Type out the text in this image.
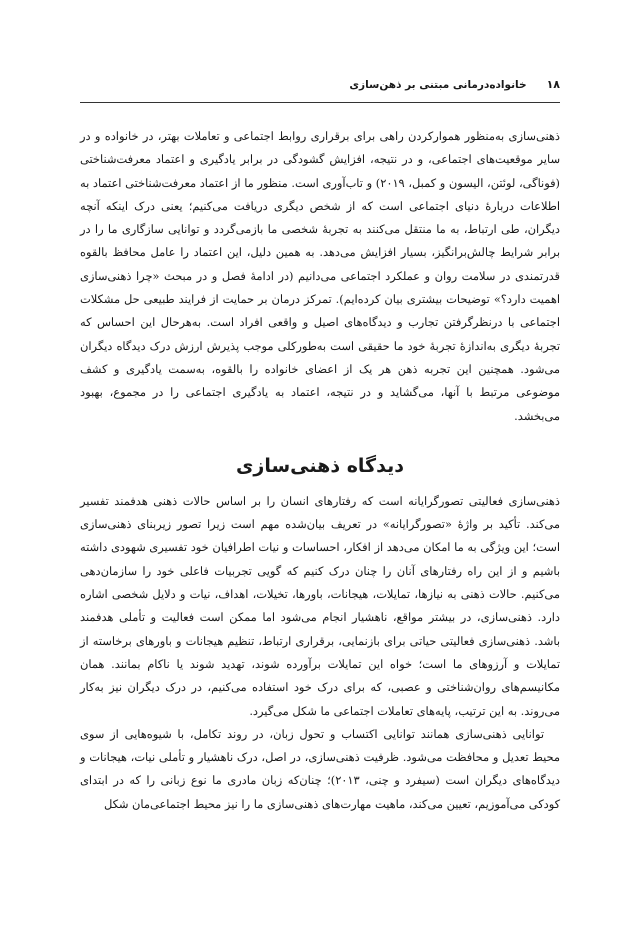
۱۸
خانواده‌درمانی مبتنی بر ذهن‌سازی

ذهنی‌سازی به‌منظور هموارکردن راهی برای برقراری روابط اجتماعی و تعاملات بهتر، در خانواده و در سایر موقعیت‌های اجتماعی، و در نتیجه، افزایش گشودگی در برابر یادگیری و اعتماد معرفت‌شناختی (فوناگی، لوئتن، الیسون و کمبل، ۲۰۱۹) و تاب‌آوری است. منظور ما از اعتماد معرفت‌شناختی اعتماد به اطلاعات دربارهٔ دنیای اجتماعی است که از شخص دیگری دریافت می‌کنیم؛ یعنی درک اینکه آنچه دیگران، طی ارتباط، به ما منتقل می‌کنند به تجربهٔ شخصی ما بازمی‌گردد و توانایی سازگاری ما را در برابر شرایط چالش‌برانگیز، بسیار افزایش می‌دهد. به همین دلیل، این اعتماد را عامل محافظ بالقوه قدرتمندی در سلامت روان و عملکرد اجتماعی می‌دانیم (در ادامهٔ فصل و در مبحث «چرا ذهنی‌سازی اهمیت دارد؟» توضیحات بیشتری بیان کرده‌ایم). تمرکز درمان بر حمایت از فرایند طبیعی حل مشکلات اجتماعی با درنظرگرفتن تجارب و دیدگاه‌های اصیل و واقعی افراد است. به‌هرحال این احساس که تجربهٔ دیگری به‌اندازهٔ تجربهٔ خود ما حقیقی است به‌طورکلی موجب پذیرش ارزش درک دیدگاه دیگران می‌شود. همچنین این تجربه ذهن هر یک از اعضای خانواده را بالقوه، به‌سمت یادگیری و کشف موضوعی مرتبط با آنها، می‌گشاید و در نتیجه، اعتماد به یادگیری اجتماعی را در مجموع، بهبود می‌بخشد.

دیدگاه ذهنی‌سازی

ذهنی‌سازی فعالیتی تصورگرایانه است که رفتارهای انسان را بر اساس حالات ذهنی هدفمند تفسیر می‌کند. تأکید بر واژهٔ «تصورگرایانه» در تعریف بیان‌شده مهم است زیرا تصور زیربنای ذهنی‌سازی است؛ این ویژگی به ما امکان می‌دهد از افکار، احساسات و نیات اطرافیان خود تفسیری شهودی داشته باشیم و از این راه رفتارهای آنان را چنان درک کنیم که گویی تجربیات فاعلی خود را سازمان‌دهی می‌کنیم. حالات ذهنی به نیازها، تمایلات، هیجانات، باورها، تخیلات، اهداف، نیات و دلایل شخصی اشاره دارد. ذهنی‌سازی، در بیشتر مواقع، ناهشیار انجام می‌شود اما ممکن است فعالیت و تأملی هدفمند باشد. ذهنی‌سازی فعالیتی حیاتی برای بازنمایی، برقراری ارتباط، تنظیم هیجانات و باورهای برخاسته از تمایلات و آرزوهای ما است؛ خواه این تمایلات برآورده شوند، تهدید شوند یا ناکام بمانند. همان مکانیسم‌های روان‌شناختی و عصبی، که برای درک خود استفاده می‌کنیم، در درک دیگران نیز به‌کار می‌روند. به این ترتیب، پایه‌های تعاملات اجتماعی ما شکل می‌گیرد.

توانایی ذهنی‌سازی همانند توانایی اکتساب و تحول زبان، در روند تکامل، با شیوه‌هایی از سوی محیط تعدیل و محافظت می‌شود. ظرفیت ذهنی‌سازی، در اصل، درک ناهشیار و تأملی نیات، هیجانات و دیدگاه‌های دیگران است (سیفرد و چنی، ۲۰۱۳)؛ چنان‌که زبان مادری ما نوع زبانی را که در ابتدای کودکی می‌آموزیم، تعیین می‌کند، ماهیت مهارت‌های ذهنی‌سازی ما را نیز محیط اجتماعی‌مان شکل
